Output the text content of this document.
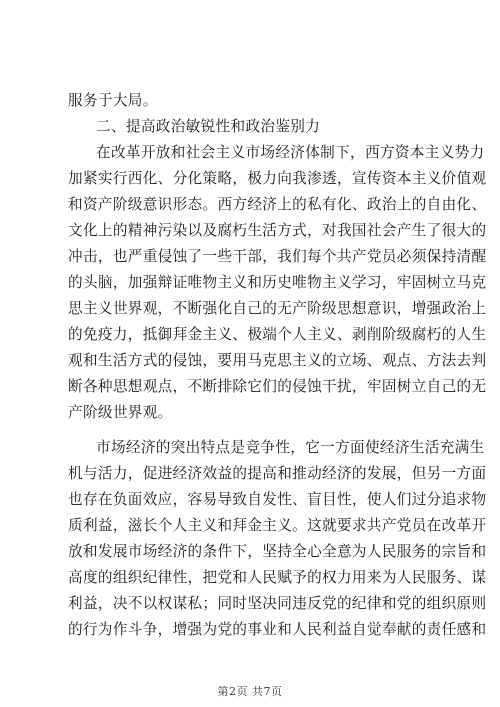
服务于大局。
二、提高政治敏锐性和政治鉴别力
在改革开放和社会主义市场经济体制下，西方资本主义势力
加紧实行西化、分化策略，极力向我渗透，宣传资本主义价值观
和资产阶级意识形态。西方经济上的私有化、政治上的自由化、
文化上的精神污染以及腐朽生活方式，对我国社会产生了很大的
冲击，也严重侵蚀了一些干部，我们每个共产党员必须保持清醒
的头脑，加强辩证唯物主义和历史唯物主义学习，牢固树立马克
思主义世界观，不断强化自己的无产阶级思想意识，增强政治上
的免疫力，抵御拜金主义、极端个人主义、剥削阶级腐朽的人生
观和生活方式的侵蚀，要用马克思主义的立场、观点、方法去判
断各种思想观点，不断排除它们的侵蚀干扰，牢固树立自己的无
产阶级世界观。
市场经济的突出特点是竞争性，它一方面使经济生活充满生
机与活力，促进经济效益的提高和推动经济的发展，但另一方面
也存在负面效应，容易导致自发性、盲目性，使人们过分追求物
质利益，滋长个人主义和拜金主义。这就要求共产党员在改革开
放和发展市场经济的条件下，坚持全心全意为人民服务的宗旨和
高度的组织纪律性，把党和人民赋予的权力用来为人民服务、谋
利益，决不以权谋私；同时坚决同违反党的纪律和党的组织原则
的行为作斗争，增强为党的事业和人民利益自觉奉献的责任感和
第2页 共7页
